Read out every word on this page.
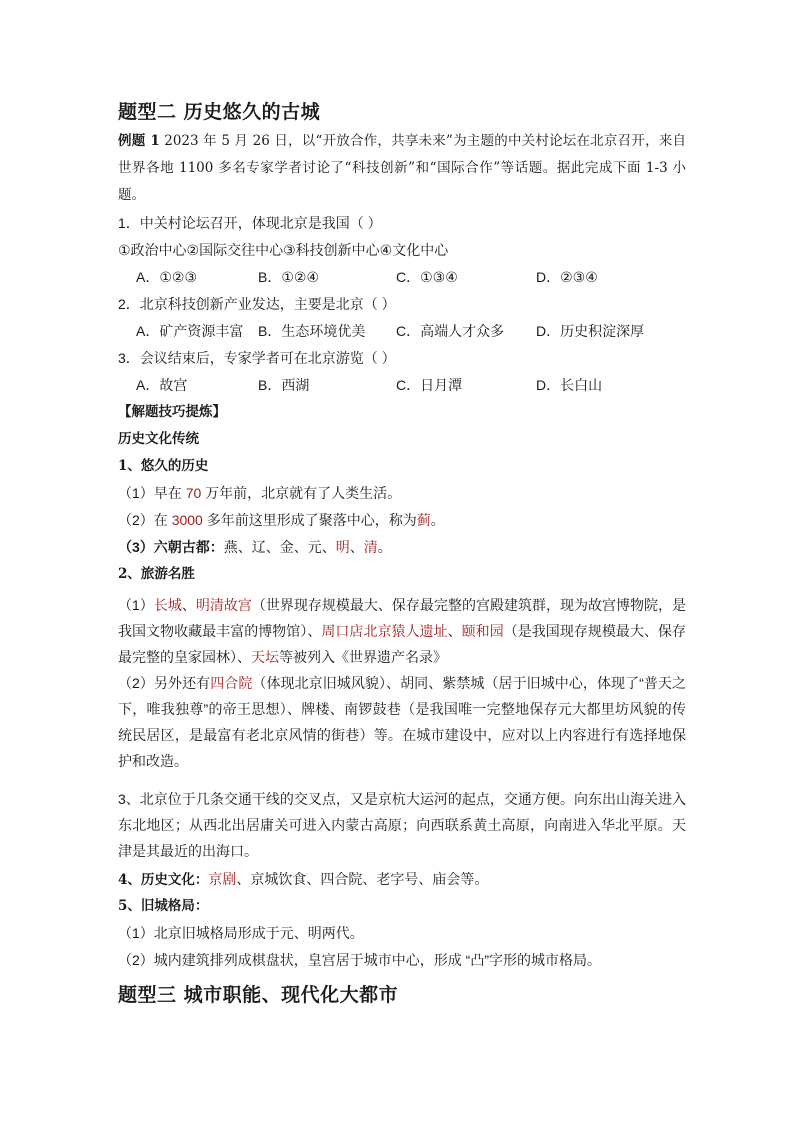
题型二 历史悠久的古城
例题 1 2023 年 5 月 26 日，以“开放合作，共享未来”为主题的中关村论坛在北京召开，来自世界各地 1100 多名专家学者讨论了“科技创新”和“国际合作”等话题。据此完成下面 1-3 小题。
1．中关村论坛召开，体现北京是我国（ ）
①政治中心②国际交往中心③科技创新中心④文化中心
A．①②③	B．①②④	C．①③④	D．②③④
2．北京科技创新产业发达，主要是北京（ ）
A．矿产资源丰富 B．生态环境优美 C．高端人才众多 D．历史积淀深厚
3．会议结束后，专家学者可在北京游览（ ）
A．故宫	B．西湖	C．日月潭	D．长白山
【解题技巧提炼】
历史文化传统
1、悠久的历史
（1）早在 70 万年前，北京就有了人类生活。
（2）在 3000 多年前这里形成了聚落中心，称为蓟。
（3）六朝古都：燕、辽、金、元、明、清。
2、旅游名胜
（1）长城、明清故宫（世界现存规模最大、保存最完整的宫殿建筑群，现为故宫博物院，是我国文物收藏最丰富的博物馆）、周口店北京猿人遗址、颐和园（是我国现存规模最大、保存最完整的皇家园林）、天坛等被列入《世界遗产名录》
（2）另外还有四合院（体现北京旧城风貌）、胡同、紫禁城（居于旧城中心，体现了“普天之下，唯我独尊”的帝王思想）、牌楼、南锣鼓巷（是我国唯一完整地保存元大都里坊风貌的传统民居区，是最富有老北京风情的街巷）等。在城市建设中，应对以上内容进行有选择地保护和改造。
3、北京位于几条交通干线的交叉点，又是京杭大运河的起点，交通方便。向东出山海关进入东北地区；从西北出居庸关可进入内蒙古高原；向西联系黄土高原，向南进入华北平原。天津是其最近的出海口。
4、历史文化：京剧、京城饮食、四合院、老字号、庙会等。
5、旧城格局：
（1）北京旧城格局形成于元、明两代。
（2）城内建筑排列成棋盘状，皇宫居于城市中心，形成 “凸”字形的城市格局。
题型三 城市职能、现代化大都市
